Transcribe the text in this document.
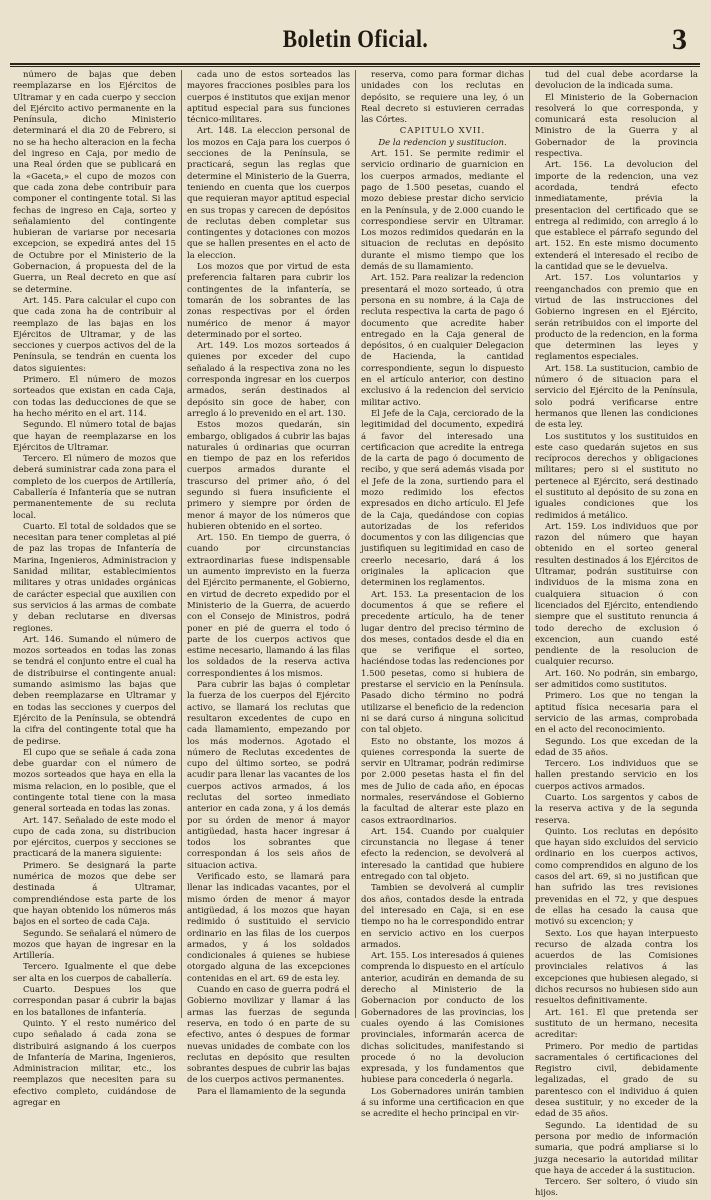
Boletin Oficial.	3

número de bajas que deben reemplazarse en los Ejércitos de Ultramar y en cada cuerpo y seccion del Ejército activo permanente en la Península, dicho Ministerio determinará el dia 20 de Febrero, si no se ha hecho alteracion en la fecha del ingreso en Caja, por medio de una Real órden que se publicará en la «Gaceta,» el cupo de mozos con que cada zona debe contribuir para componer el contingente total. Si las fechas de ingreso en Caja, sorteo y señalamiento del contingente hubieran de variarse por necesaria excepcion, se expedirá antes del 15 de Octubre por el Ministerio de la Gobernacion, á propuesta del de la Guerra, un Real decreto en que así se determine.

Art. 145. Para calcular el cupo con que cada zona ha de contribuir al reemplazo de las bajas en los Ejércitos de Ultramar, y de las secciones y cuerpos activos del de la Península, se tendrán en cuenta los datos siguientes:

Primero. El número de mozos sorteados que existan en cada Caja, con todas las deducciones de que se ha hecho mérito en el art. 114.

Segundo. El número total de bajas que hayan de reemplazarse en los Ejércitos de Ultramar.

Tercero. El número de mozos que deberá suministrar cada zona para el completo de los cuerpos de Artillería, Caballería é Infantería que se nutran permanentemente de su recluta local.

Cuarto. El total de soldados que se necesitan para tener completas al pié de paz las tropas de Infantería de Marina, Ingenieros, Administracion y Sanidad militar, establecimientos militares y otras unidades orgánicas de carácter especial que auxilien con sus servicios á las armas de combate y deban reclutarse en diversas regiones.

Art. 146. Sumando el número de mozos sorteados en todas las zonas se tendrá el conjunto entre el cual ha de distribuirse el contingente anual: sumando asimismo las bajas que deben reemplazarse en Ultramar y en todas las secciones y cuerpos del Ejército de la Península, se obtendrá la cifra del contingente total que ha de pedirse.

El cupo que se señale á cada zona debe guardar con el número de mozos sorteados que haya en ella la misma relacion, en lo posible, que el contingente total tiene con la masa general sorteada en todas las zonas.

Art. 147. Señalado de este modo el cupo de cada zona, su distribucion por ejércitos, cuerpos y secciones se practicará de la manera siguiente:

Primero. Se designará la parte numérica de mozos que debe ser destinada á Ultramar, comprendiéndose esta parte de los que hayan obtenido los números más bajos en el sorteo de cada Caja.

Segundo. Se señalará el número de mozos que hayan de ingresar en la Artillería.

Tercero. Igualmente el que debe ser alta en los cuerpos de caballería.

Cuarto. Despues los que correspondan pasar á cubrir la bajas en los batallones de infantería.

Quinto. Y el resto numérico del cupo señalado á cada zona se distribuirá asignando á los cuerpos de Infantería de Marina, Ingenieros, Administracion militar, etc., los reemplazos que necesiten para su efectivo completo, cuidándose de agregar en

cada uno de estos sorteados las mayores fracciones posibles para los cuerpos é institutos que exijan menor aptitud especial para sus funciones técnico-militares.

Art. 148. La eleccion personal de los mozos en Caja para los cuerpos ó secciones de la Península, se practicará, segun las reglas que determine el Ministerio de la Guerra, teniendo en cuenta que los cuerpos que requieran mayor aptitud especial en sus tropas y carecen de depósitos de reclutas deben completar sus contingentes y dotaciones con mozos que se hallen presentes en el acto de la eleccion.

Los mozos que por virtud de esta preferencia faltaren para cubrir los contingentes de la infantería, se tomarán de los sobrantes de las zonas respectivas por el órden numérico de menor á mayor determinado por el sorteo.

Art. 149. Los mozos sorteados á quienes por exceder del cupo señalado á la respectiva zona no les corresponda ingresar en los cuerpos armados, serán destinados al depósito sin goce de haber, con arreglo á lo prevenido en el art. 130.

Estos mozos quedarán, sin embargo, obligados á cubrir las bajas naturales ú ordinarias que ocurran en tiempo de paz en los referidos cuerpos armados durante el trascurso del primer año, ó del segundo si fuera insuficiente el primero y siempre por órden de menor á mayor de los números que hubieren obtenido en el sorteo.

Art. 150. En tiempo de guerra, ó cuando por circunstancias extraordinarias fuese indispensable un aumento imprevisto en la fuerza del Ejército permanente, el Gobierno, en virtud de decreto expedido por el Ministerio de la Guerra, de acuerdo con el Consejo de Ministros, podrá poner en pié de guerra el todo ó parte de los cuerpos activos que estime necesario, llamando á las filas los soldados de la reserva activa correspondientes á los mismos.

Para cubrir las bajas ó completar la fuerza de los cuerpos del Ejército activo, se llamará los reclutas que resultaron excedentes de cupo en cada llamamiento, empezando por los más modernos. Agotado el número de Reclutas excedentes de cupo del último sorteo, se podrá acudir para llenar las vacantes de los cuerpos activos armados, á los reclutas del sorteo inmediato anterior en cada zona, y á los demás por su órden de menor á mayor antigüedad, hasta hacer ingresar á todos los sobrantes que correspondan á los seis años de situacion activa.

Verificado esto, se llamará para llenar las indicadas vacantes, por el mismo órden de menor á mayor antigüedad, á los mozos que hayan redimido ó sustituido el servicio ordinario en las filas de los cuerpos armados, y á los soldados condicionales á quienes se hubiese otorgado alguna de las excepciones contenidas en el art. 69 de esta ley.

Cuando en caso de guerra podrá el Gobierno movilizar y llamar á las armas las fuerzas de segunda reserva, en todo ó en parte de su efectivo, antes ó despues de formar nuevas unidades de combate con los reclutas en depósito que resulten sobrantes despues de cubrir las bajas de los cuerpos activos permanentes.

Para el llamamiento de la segunda

reserva, como para formar dichas unidades con los reclutas en depósito, se requiere una ley, ó un Real decreto si estuvieren cerradas las Córtes.

CAPITULO XVII.

De la redencion y sustitucion.

Art. 151. Se permite redimir el servicio ordinario de guarnicion en los cuerpos armados, mediante el pago de 1.500 pesetas, cuando el mozo debiese prestar dicho servicio en la Península, y de 2.000 cuando le correspondiese servir en Ultramar. Los mozos redimidos quedarán en la situacion de reclutas en depósito durante el mismo tiempo que los demás de su llamamiento.

Art. 152. Para realizar la redencion presentará el mozo sorteado, ú otra persona en su nombre, á la Caja de recluta respectiva la carta de pago ó documento que acredite haber entregado en la Caja general de depósitos, ó en cualquier Delegacion de Hacienda, la cantidad correspondiente, segun lo dispuesto en el artículo anterior, con destino exclusivo á la redencion del servicio militar activo.

El Jefe de la Caja, cerciorado de la legitimidad del documento, expedirá á favor del interesado una certificacion que acredite la entrega de la carta de pago ó documento de recibo, y que será además visada por el Jefe de la zona, surtiendo para el mozo redimido los efectos expresados en dicho artículo. El Jefe de la Caja, quedándose con copias autorizadas de los referidos documentos y con las diligencias que justifiquen su legitimidad en caso de creerlo necesario, dará á los originales la aplicacion que determinen los reglamentos.

Art. 153. La presentacion de los documentos á que se refiere el precedente artículo, ha de tener lugar dentro del preciso término de dos meses, contados desde el dia en que se verifique el sorteo, haciéndose todas las redenciones por 1.500 pesetas, como si hubiera de prestarse el servicio en la Península. Pasado dicho término no podrá utilizarse el beneficio de la redencion ni se dará curso á ninguna solicitud con tal objeto.

Esto no obstante, los mozos á quienes corresponda la suerte de servir en Ultramar, podrán redimirse por 2.000 pesetas hasta el fin del mes de Julio de cada año, en épocas normales, reservándose el Gobierno la facultad de alterar este plazo en casos extraordinarios.

Art. 154. Cuando por cualquier circunstancia no llegase á tener efecto la redencion, se devolverá al interesado la cantidad que hubiere entregado con tal objeto.

Tambien se devolverá al cumplir dos años, contados desde la entrada del interesado en Caja, si en ese tiempo no ha le correspondido entrar en servicio activo en los cuerpos armados.

Art. 155. Los interesados á quienes comprenda lo dispuesto en el artículo anterior, acudirán en demanda de su derecho al Ministerio de la Gobernacion por conducto de los Gobernadores de las provincias, los cuales oyendo á las Comisiones provinciales, informarán acerca de dichas solicitudes, manifestando si procede ó no la devolucion expresada, y los fundamentos que hubiese para concederla ó negarla.

Los Gobernadores unirán tambien á su informe una certificacion en que se acredite el hecho principal en vir-

tud del cual debe acordarse la devolucion de la indicada suma.

El Ministerio de la Gobernacion resolverá lo que corresponda, y comunicará esta resolucion al Ministro de la Guerra y al Gobernador de la provincia respectiva.

Art. 156. La devolucion del importe de la redencion, una vez acordada, tendrá efecto inmediatamente, prévia la presentacion del certificado que se entrega al redimido, con arreglo á lo que establece el párrafo segundo del art. 152. En este mismo documento extenderá el interesado el recibo de la cantidad que se le devuelva.

Art. 157. Los voluntarios y reenganchados con premio que en virtud de las instrucciones del Gobierno ingresen en el Ejército, serán retribuidos con el importe del producto de la redencion, en la forma que determinen las leyes y reglamentos especiales.

Art. 158. La sustitucion, cambio de número ó de situacion para el servicio del Ejército de la Península, solo podrá verificarse entre hermanos que llenen las condiciones de esta ley.

Los sustitutos y los sustituidos en este caso quedarán sujetos en sus recíprocos derechos y obligaciones militares; pero si el sustituto no pertenece al Ejército, será destinado el sustituto al depósito de su zona en iguales condiciones que los redimidos á metálico.

Art. 159. Los individuos que por razon del número que hayan obtenido en el sorteo general resulten destinados á los Ejércitos de Ultramar, podrán sustituirse con individuos de la misma zona en cualquiera situacion ó con licenciados del Ejército, entendiendo siempre que el sustituto renuncia á todo derecho de exclusion ó excencion, aun cuando esté pendiente de la resolucion de cualquier recurso.

Art. 160. No podrán, sin embargo, ser admitidos como sustitutos.

Primero. Los que no tengan la aptitud física necesaria para el servicio de las armas, comprobada en el acto del reconocimiento.

Segundo. Los que excedan de la edad de 35 años.

Tercero. Los individuos que se hallen prestando servicio en los cuerpos activos armados.

Cuarto. Los sargentos y cabos de la reserva activa y de la segunda reserva.

Quinto. Los reclutas en depósito que hayan sido excluidos del servicio ordinario en los cuerpos activos, como comprendidos en alguno de los casos del art. 69, si no justifican que han sufrido las tres revisiones prevenidas en el 72, y que despues de ellas ha cesado la causa que motivó su excencion; y

Sexto. Los que hayan interpuesto recurso de alzada contra los acuerdos de las Comisiones provinciales relativos á las excepciones que hubiesen alegado, si dichos recursos no hubiesen sido aun resueltos definitivamente.

Art. 161. El que pretenda ser sustituto de un hermano, necesita acreditar:

Primero. Por medio de partidas sacramentales ó certificaciones del Registro civil, debidamente legalizadas, el grado de su parentesco con el individuo á quien desea sustituir, y no exceder de la edad de 35 años.

Segundo. La identidad de su persona por medio de información sumaria, que podrá ampliarse si lo juzga necesario la autoridad militar que haya de acceder á la sustitucion.

Tercero. Ser soltero, ó viudo sin hijos.
